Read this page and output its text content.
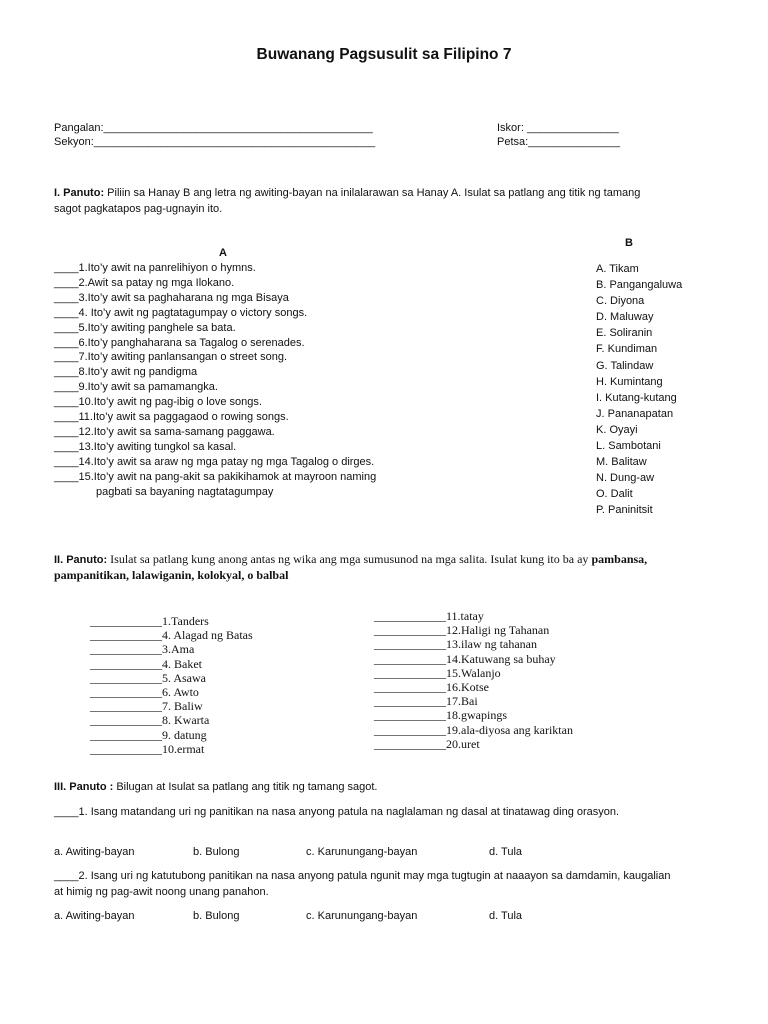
Buwanang Pagsusulit sa Filipino 7
Pangalan:____________________________________________
Sekyon:______________________________________________
Iskor: _______________
Petsa:_______________
I. Panuto: Piliin sa Hanay B ang letra ng awiting-bayan na inilalarawan sa Hanay A. Isulat sa patlang ang titik ng tamang sagot pagkatapos pag-ugnayin ito.
A
B
____1.Ito’y awit na panrelihiyon o hymns.
____2.Awit sa patay ng mga Ilokano.
____3.Ito’y awit sa paghaharana ng mga Bisaya
____4. Ito’y awit ng pagtatagumpay o victory songs.
____5.Ito’y awiting panghele sa bata.
____6.Ito’y panghaharana sa Tagalog o serenades.
____7.Ito’y awiting panlansangan o street song.
____8.Ito’y awit ng pandigma
____9.Ito’y awit sa pamamangka.
____10.Ito’y awit ng pag-ibig o love songs.
____11.Ito’y awit sa paggagaod o rowing songs.
____12.Ito’y awit sa sama-samang paggawa.
____13.Ito’y awiting tungkol sa kasal.
____14.Ito’y awit sa araw ng mga patay ng mga Tagalog o dirges.
____15.Ito’y awit na pang-akit sa pakikihamok at mayroon naming
pagbati sa bayaning nagtatagumpay
A. Tikam
B. Pangangaluwa
C. Diyona
D. Maluway
E. Soliranin
F. Kundiman
G. Talindaw
H. Kumintang
I. Kutang-kutang
J. Pananapatan
K. Oyayi
L. Sambotani
M. Balitaw
N. Dung-aw
O. Dalit
P. Paninitsit
II. Panuto: Isulat sa patlang kung anong antas ng wika ang mga sumusunod na mga salita. Isulat kung ito ba ay pambansa, pampanitikan, lalawiganin, kolokyal, o balbal
____________1.Tanders
____________4. Alagad ng Batas
____________3.Ama
____________4. Baket
____________5. Asawa
____________6. Awto
____________7. Baliw
____________8. Kwarta
____________9. datung
____________10.ermat
____________11.tatay
____________12.Haligi ng Tahanan
____________13.ilaw ng tahanan
____________14.Katuwang sa buhay
____________15.Walanjo
____________16.Kotse
____________17.Bai
____________18.gwapings
____________19.ala-diyosa ang kariktan
____________20.uret
III. Panuto : Bilugan at Isulat sa patlang ang titik ng tamang sagot.
____1. Isang matandang uri ng panitikan na nasa anyong patula na naglalaman ng dasal at tinatawag ding orasyon.
a. Awiting-bayan	b. Bulong	c. Karunungang-bayan	d. Tula
____2. Isang uri ng katutubong panitikan na nasa anyong patula ngunit may mga tugtugin at naaayon sa damdamin, kaugalian at himig ng pag-awit noong unang panahon.
a. Awiting-bayan	b. Bulong	c. Karunungang-bayan	d. Tula
